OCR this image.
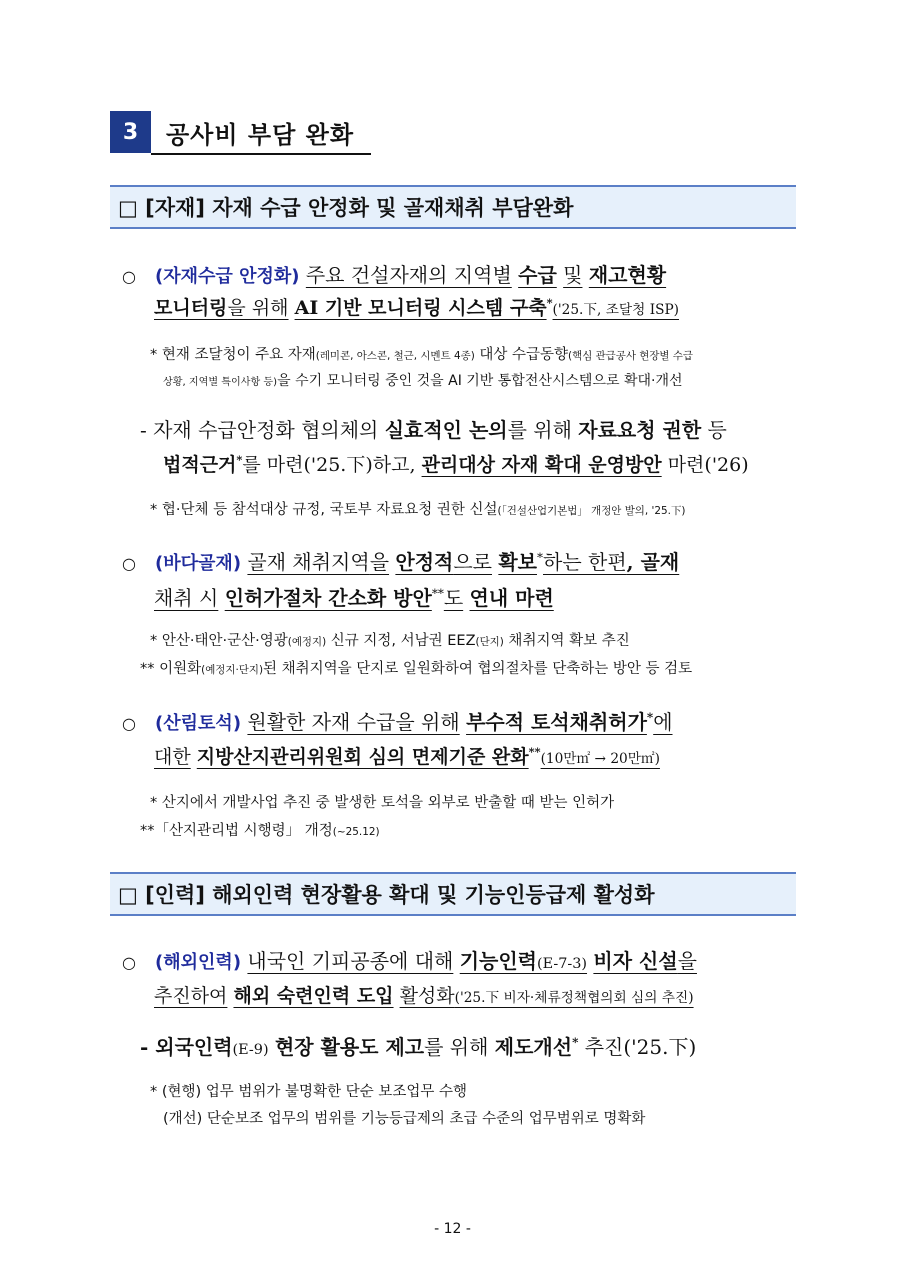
3	공사비 부담 완화
□ [자재] 자재 수급 안정화 및 골재채취 부담완화
○ (자재수급 안정화) 주요 건설자재의 지역별 수급 및 재고현황
모니터링을 위해 AI 기반 모니터링 시스템 구축*('25.下, 조달청 ISP)
* 현재 조달청이 주요 자재(레미콘, 아스콘, 철근, 시멘트 4종) 대상 수급동향(핵심 관급공사 현장별 수급
상황, 지역별 특이사항 등)을 수기 모니터링 중인 것을 AI 기반 통합전산시스템으로 확대·개선
- 자재 수급안정화 협의체의 실효적인 논의를 위해 자료요청 권한 등
법적근거*를 마련('25.下)하고, 관리대상 자재 확대 운영방안 마련('26)
* 협·단체 등 참석대상 규정, 국토부 자료요청 권한 신설(「건설산업기본법」 개정안 발의, '25.下)
○ (바다골재) 골재 채취지역을 안정적으로 확보*하는 한편, 골재
채취 시 인허가절차 간소화 방안**도 연내 마련
* 안산·태안·군산·영광(예정지) 신규 지정, 서남권 EEZ(단지) 채취지역 확보 추진
** 이원화(예정지·단지)된 채취지역을 단지로 일원화하여 협의절차를 단축하는 방안 등 검토
○ (산림토석) 원활한 자재 수급을 위해 부수적 토석채취허가*에
대한 지방산지관리위원회 심의 면제기준 완화**(10만㎡ → 20만㎡)
* 산지에서 개발사업 추진 중 발생한 토석을 외부로 반출할 때 받는 인허가
**「산지관리법 시행령」 개정(~25.12)
□ [인력] 해외인력 현장활용 확대 및 기능인등급제 활성화
○ (해외인력) 내국인 기피공종에 대해 기능인력(E-7-3) 비자 신설을
추진하여 해외 숙련인력 도입 활성화('25.下 비자·체류정책협의회 심의 추진)
- 외국인력(E-9) 현장 활용도 제고를 위해 제도개선* 추진('25.下)
* (현행) 업무 범위가 불명확한 단순 보조업무 수행
(개선) 단순보조 업무의 범위를 기능등급제의 초급 수준의 업무범위로 명확화
- 12 -
